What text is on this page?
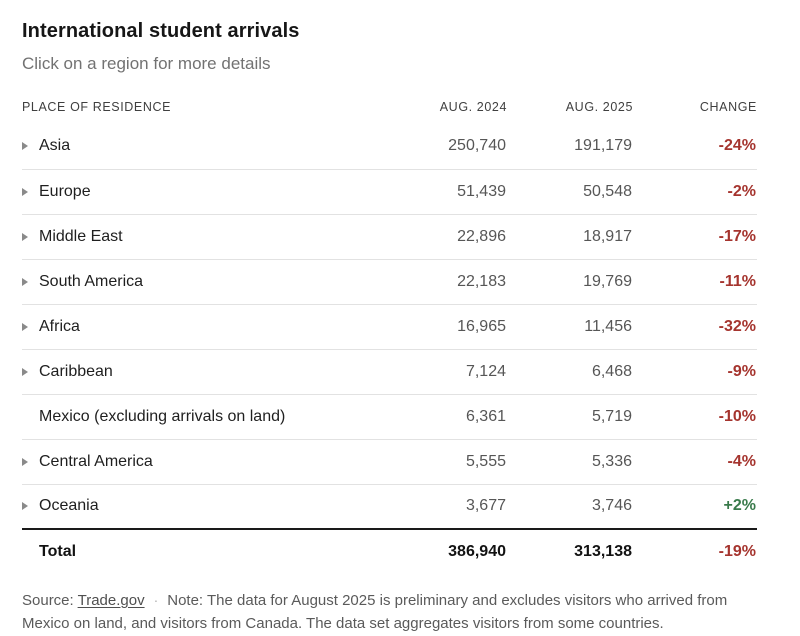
International student arrivals

Click on a region for more details

PLACE OF RESIDENCE	AUG. 2024	AUG. 2025	CHANGE

Asia	250,740	191,179	-24%

Europe	51,439	50,548	-2%

Middle East	22,896	18,917	-17%

South America	22,183	19,769	-11%

Africa	16,965	11,456	-32%

Caribbean	7,124	6,468	-9%
Mexico (excluding arrivals on land)	6,361	5,719	-10%

Central America	5,555	5,336	-4%

Oceania	3,677	3,746	+2%
Total	386,940	313,138	-19%

Source: Trade.gov · Note: The data for August 2025 is preliminary and excludes visitors who arrived from Mexico on land, and visitors from Canada. The data set aggregates visitors from some countries.
